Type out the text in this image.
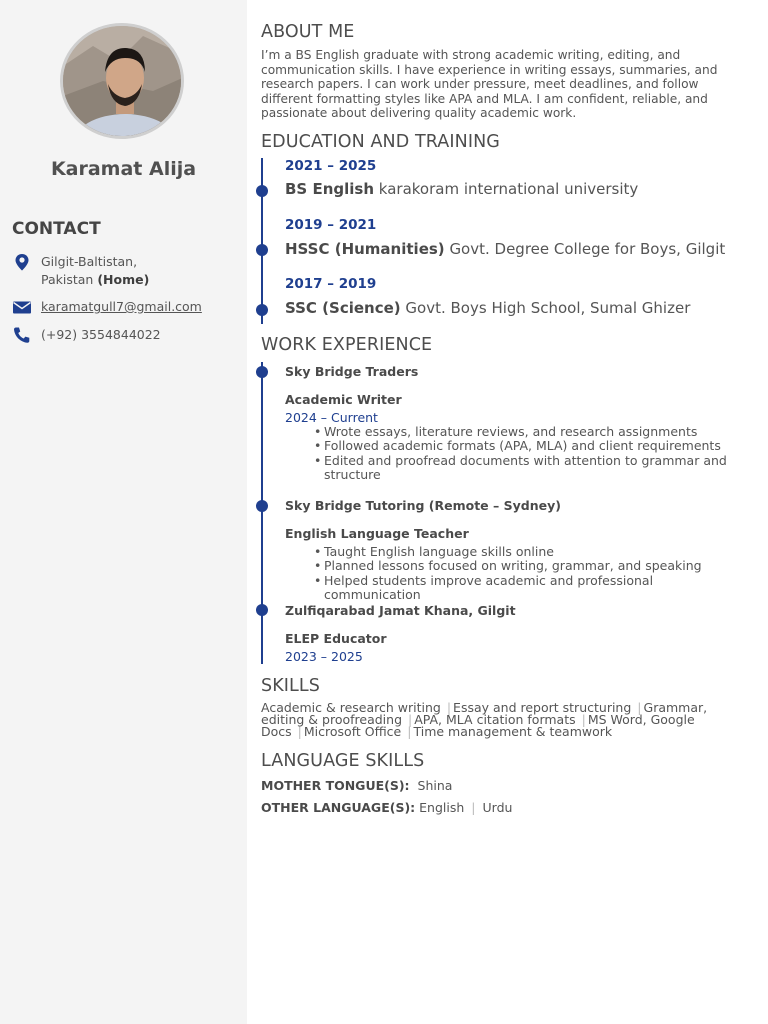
Karamat Alija
CONTACT
Gilgit-Baltistan,
Pakistan (Home)
karamatgull7@gmail.com
(+92) 3554844022
ABOUT ME
I’m a BS English graduate with strong academic writing, editing, and communication skills. I have experience in writing essays, summaries, and research papers. I can work under pressure, meet deadlines, and follow different formatting styles like APA and MLA. I am confident, reliable, and passionate about delivering quality academic work.
EDUCATION AND TRAINING
2021 – 2025
BS English karakoram international university
2019 – 2021
HSSC (Humanities) Govt. Degree College for Boys, Gilgit
2017 – 2019
SSC (Science) Govt. Boys High School, Sumal Ghizer
WORK EXPERIENCE
Sky Bridge Traders
Academic Writer
2024 – Current
• Wrote essays, literature reviews, and research assignments
• Followed academic formats (APA, MLA) and client requirements
• Edited and proofread documents with attention to grammar and structure
Sky Bridge Tutoring (Remote – Sydney)
English Language Teacher
• Taught English language skills online
• Planned lessons focused on writing, grammar, and speaking
• Helped students improve academic and professional communication
Zulfiqarabad Jamat Khana, Gilgit
ELEP Educator
2023 – 2025
SKILLS
Academic & research writing | Essay and report structuring | Grammar, editing & proofreading | APA, MLA citation formats | MS Word, Google Docs | Microsoft Office | Time management & teamwork
LANGUAGE SKILLS
MOTHER TONGUE(S): Shina
OTHER LANGUAGE(S): English | Urdu
